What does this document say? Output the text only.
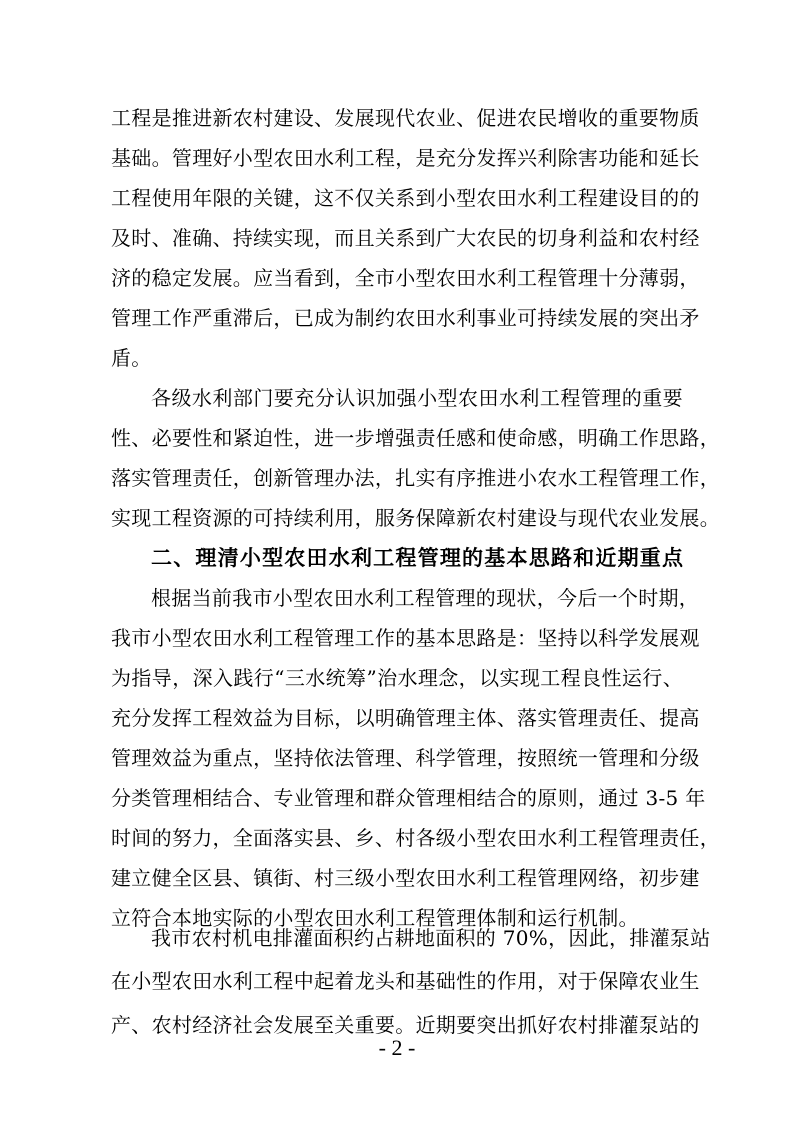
工程是推进新农村建设、发展现代农业、促进农民增收的重要物质
基础。管理好小型农田水利工程，是充分发挥兴利除害功能和延长
工程使用年限的关键，这不仅关系到小型农田水利工程建设目的的
及时、准确、持续实现，而且关系到广大农民的切身利益和农村经
济的稳定发展。应当看到，全市小型农田水利工程管理十分薄弱，
管理工作严重滞后，已成为制约农田水利事业可持续发展的突出矛
盾。
各级水利部门要充分认识加强小型农田水利工程管理的重要
性、必要性和紧迫性，进一步增强责任感和使命感，明确工作思路，
落实管理责任，创新管理办法，扎实有序推进小农水工程管理工作，
实现工程资源的可持续利用，服务保障新农村建设与现代农业发展。
二、理清小型农田水利工程管理的基本思路和近期重点
根据当前我市小型农田水利工程管理的现状，今后一个时期，
我市小型农田水利工程管理工作的基本思路是：坚持以科学发展观
为指导，深入践行“三水统筹”治水理念，以实现工程良性运行、
充分发挥工程效益为目标，以明确管理主体、落实管理责任、提高
管理效益为重点，坚持依法管理、科学管理，按照统一管理和分级
分类管理相结合、专业管理和群众管理相结合的原则，通过 3-5 年
时间的努力，全面落实县、乡、村各级小型农田水利工程管理责任，
建立健全区县、镇街、村三级小型农田水利工程管理网络，初步建
立符合本地实际的小型农田水利工程管理体制和运行机制。
我市农村机电排灌面积约占耕地面积的 70%，因此，排灌泵站
在小型农田水利工程中起着龙头和基础性的作用，对于保障农业生
- 2 -
产、农村经济社会发展至关重要。近期要突出抓好农村排灌泵站的
